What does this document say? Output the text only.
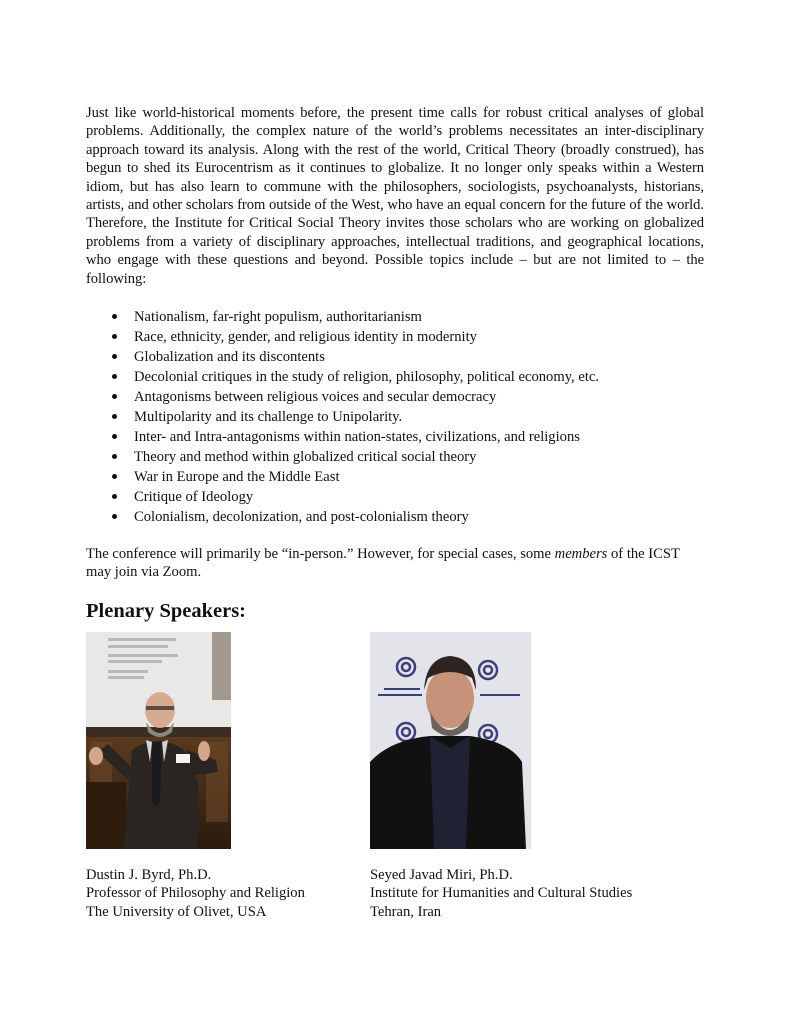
Just like world-historical moments before, the present time calls for robust critical analyses of global problems. Additionally, the complex nature of the world’s problems necessitates an inter-disciplinary approach toward its analysis. Along with the rest of the world, Critical Theory (broadly construed), has begun to shed its Eurocentrism as it continues to globalize. It no longer only speaks within a Western idiom, but has also learn to commune with the philosophers, sociologists, psychoanalysts, historians, artists, and other scholars from outside of the West, who have an equal concern for the future of the world. Therefore, the Institute for Critical Social Theory invites those scholars who are working on globalized problems from a variety of disciplinary approaches, intellectual traditions, and geographical locations, who engage with these questions and beyond. Possible topics include – but are not limited to – the following:

Nationalism, far-right populism, authoritarianism
Race, ethnicity, gender, and religious identity in modernity
Globalization and its discontents
Decolonial critiques in the study of religion, philosophy, political economy, etc.
Antagonisms between religious voices and secular democracy
Multipolarity and its challenge to Unipolarity.
Inter- and Intra-antagonisms within nation-states, civilizations, and religions
Theory and method within globalized critical social theory
War in Europe and the Middle East
Critique of Ideology
Colonialism, decolonization, and post-colonialism theory

The conference will primarily be “in-person.” However, for special cases, some members of the ICST may join via Zoom.

Plenary Speakers:
Dustin J. Byrd, Ph.D.
Professor of Philosophy and Religion
The University of Olivet, USA
Seyed Javad Miri, Ph.D.
Institute for Humanities and Cultural Studies
Tehran, Iran
